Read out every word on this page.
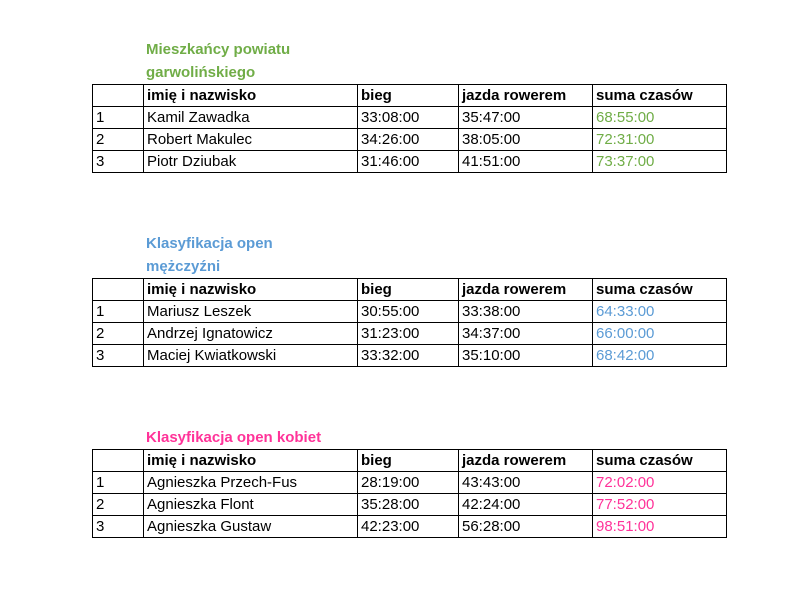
Mieszkańcy powiatu
garwolińskiego
	imię i nazwisko	bieg	jazda rowerem	suma czasów
1	Kamil Zawadka	33:08:00	35:47:00	68:55:00
2	Robert Makulec	34:26:00	38:05:00	72:31:00
3	Piotr Dziubak	31:46:00	41:51:00	73:37:00
Klasyfikacja open
mężczyźni
	imię i nazwisko	bieg	jazda rowerem	suma czasów
1	Mariusz Leszek	30:55:00	33:38:00	64:33:00
2	Andrzej Ignatowicz	31:23:00	34:37:00	66:00:00
3	Maciej Kwiatkowski	33:32:00	35:10:00	68:42:00
Klasyfikacja open kobiet
	imię i nazwisko	bieg	jazda rowerem	suma czasów
1	Agnieszka Przech-Fus	28:19:00	43:43:00	72:02:00
2	Agnieszka Flont	35:28:00	42:24:00	77:52:00
3	Agnieszka Gustaw	42:23:00	56:28:00	98:51:00
